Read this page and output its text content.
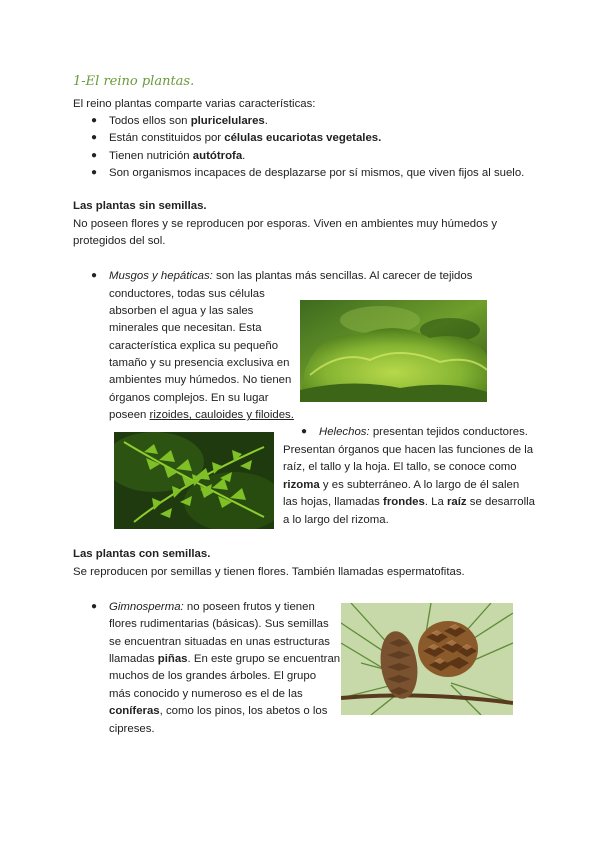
1-El reino plantas.
El reino plantas comparte varias características:
● Todos ellos son pluricelulares.
● Están constituidos por células eucariotas vegetales.
● Tienen nutrición autótrofa.
● Son organismos incapaces de desplazarse por sí mismos, que viven fijos al suelo.
Las plantas sin semillas.
No poseen flores y se reproducen por esporas. Viven en ambientes muy húmedos y
protegidos del sol.
● Musgos y hepáticas: son las plantas más sencillas. Al carecer de tejidos
conductores, todas sus células
absorben el agua y las sales
minerales que necesitan. Esta
característica explica su pequeño
tamaño y su presencia exclusiva en
ambientes muy húmedos. No tienen
órganos complejos. En su lugar
poseen rizoides, cauloides y filoides.
● Helechos: presentan tejidos conductores.
Presentan órganos que hacen las funciones de la
raíz, el tallo y la hoja. El tallo, se conoce como
rizoma y es subterráneo. A lo largo de él salen
las hojas, llamadas frondes. La raíz se desarrolla
a lo largo del rizoma.
Las plantas con semillas.
Se reproducen por semillas y tienen flores. También llamadas espermatofitas.
● Gimnosperma: no poseen frutos y tienen
flores rudimentarias (básicas). Sus semillas
se encuentran situadas en unas estructuras
llamadas piñas. En este grupo se encuentran
muchos de los grandes árboles. El grupo
más conocido y numeroso es el de las
coníferas, como los pinos, los abetos o los
cipreses.
